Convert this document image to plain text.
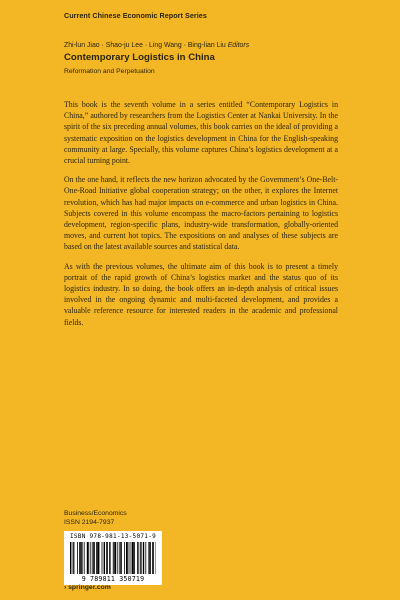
Current Chinese Economic Report Series
Zhi-lun Jiao · Shao-ju Lee · Ling Wang · Bing-lian Liu Editors
Contemporary Logistics in China
Reformation and Perpetuation

This book is the seventh volume in a series entitled “Contemporary Logistics in China,” authored by researchers from the Logistics Center at Nankai University. In the spirit of the six preceding annual volumes, this book carries on the ideal of providing a systematic exposition on the logistics development in China for the English-speaking community at large. Specially, this volume captures China’s logistics development at a crucial turning point.

On the one hand, it reflects the new horizon advocated by the Government’s One-Belt-One-Road Initiative global cooperation strategy; on the other, it explores the Internet revolution, which has had major impacts on e-commerce and urban logistics in China. Subjects covered in this volume encompass the macro-factors pertaining to logistics development, region-specific plans, industry-wide transformation, globally-oriented moves, and current hot topics. The expositions on and analyses of these subjects are based on the latest available sources and statistical data.

As with the previous volumes, the ultimate aim of this book is to present a timely portrait of the rapid growth of China’s logistics market and the status quo of its logistics industry. In so doing, the book offers an in-depth analysis of critical issues involved in the ongoing dynamic and multi-faceted development, and provides a valuable reference resource for interested readers in the academic and professional fields.

Business/Economics
ISSN 2194-7937
ISBN 978-981-13-5071-9
9 789811 350719
› springer.com
